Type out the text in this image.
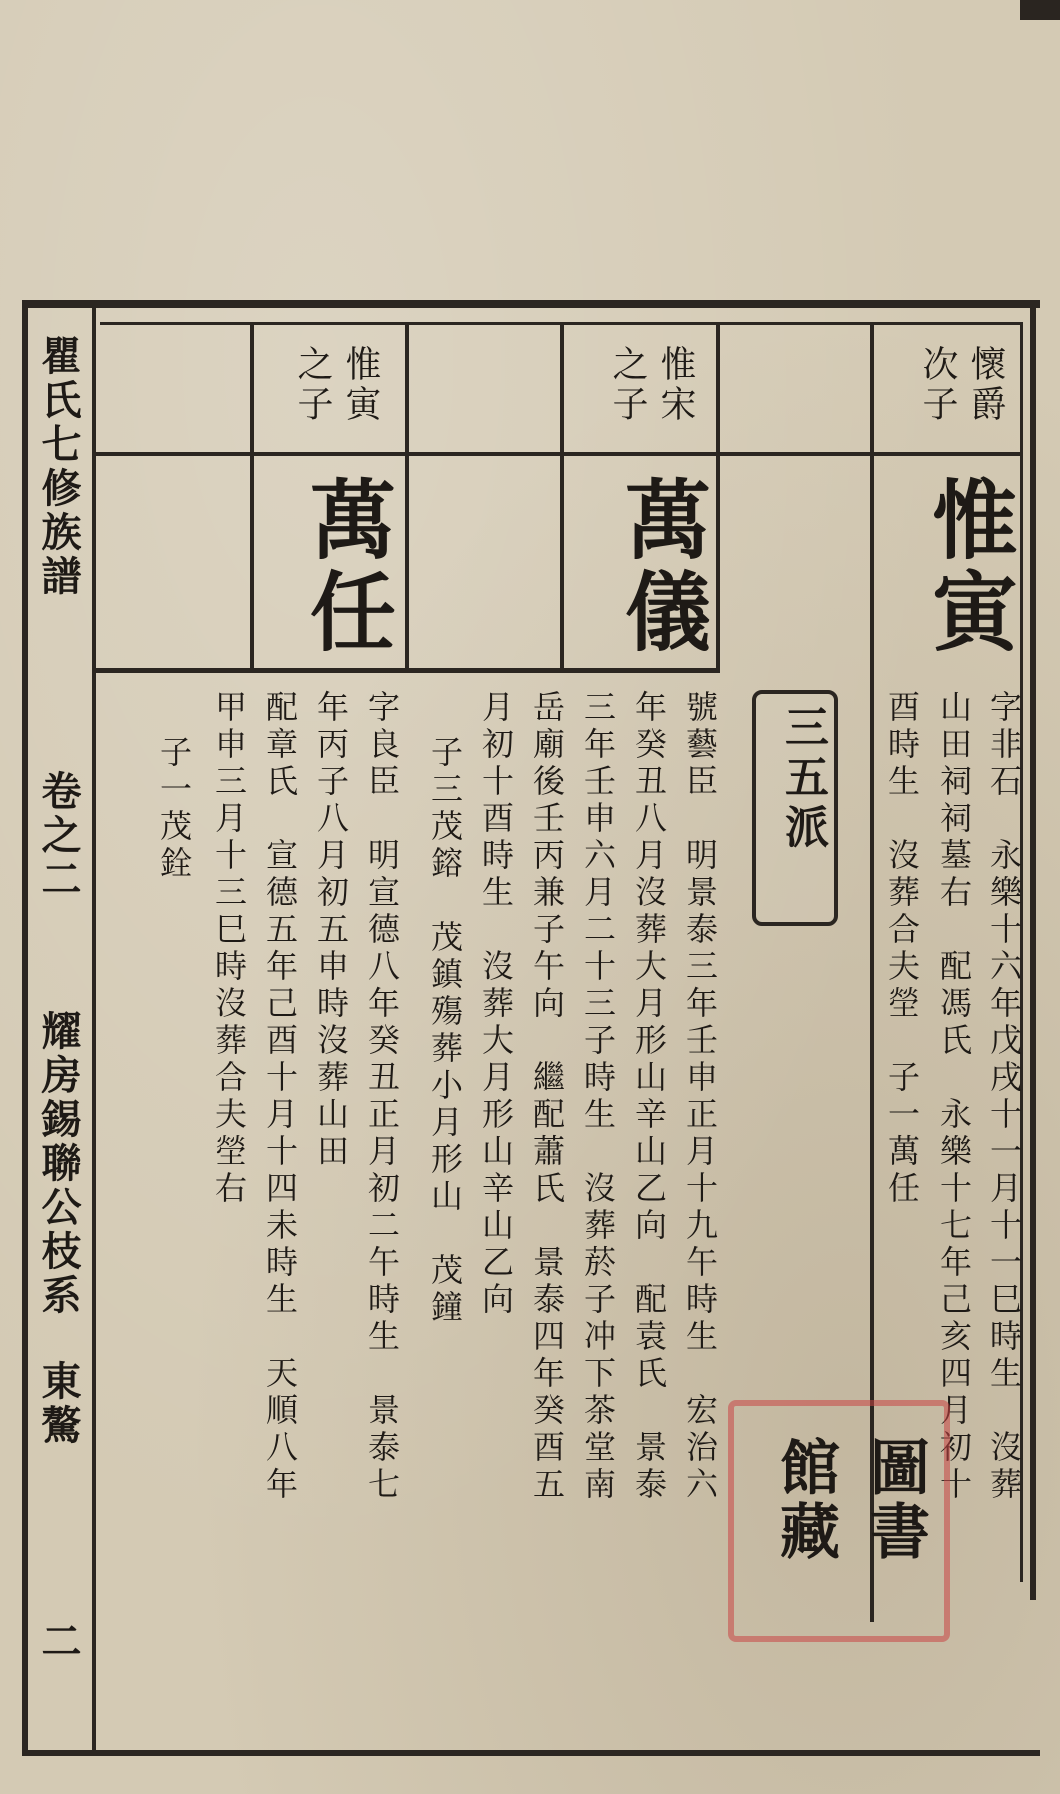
瞿氏七修族譜
卷之二
耀房錫聯公枝系
東驁
二
懷爵
次子
惟寅
字非石　永樂十六年戊戌十一月十一巳時生　沒葬
山田祠祠墓右　配馮氏　永樂十七年己亥四月初十
酉時生　沒葬合夫塋　子一萬任
三五派
惟宋
之子
萬儀
號藝臣　明景泰三年壬申正月十九午時生　宏治六
年癸丑八月沒葬大月形山辛山乙向　配袁氏　景泰
三年壬申六月二十三子時生　沒葬菸子冲下茶堂南
岳廟後壬丙兼子午向　繼配蕭氏　景泰四年癸酉五
月初十酉時生　沒葬大月形山辛山乙向
子三茂鎔　茂鎮殤葬小月形山　茂鐘
惟寅
之子
萬任
字良臣　明宣德八年癸丑正月初二午時生　景泰七
年丙子八月初五申時沒葬山田
配章氏　宣德五年己酉十月十四未時生　天順八年
甲申三月十三巳時沒葬合夫塋右
子一茂銓
圖書
館藏
